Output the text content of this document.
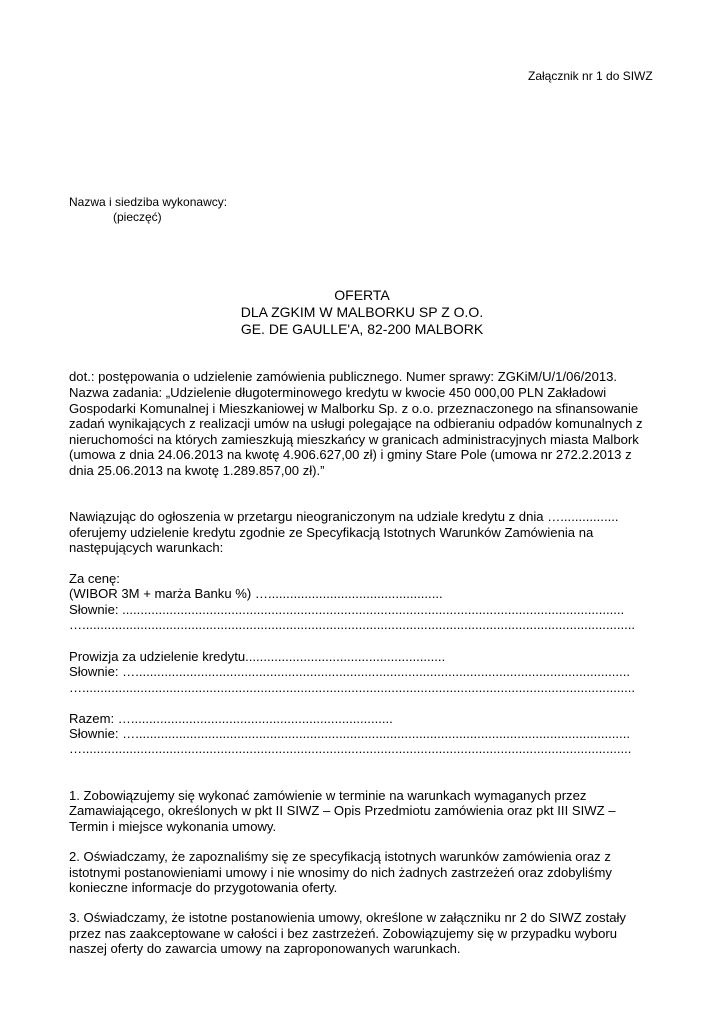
Załącznik nr 1 do SIWZ

Nazwa i siedziba wykonawcy:

(pieczęć)

OFERTA

DLA ZGKIM W MALBORKU SP Z O.O.

GE. DE GAULLE'A, 82-200 MALBORK

dot.: postępowania o udzielenie zamówienia publicznego. Numer sprawy: ZGKiM/U/1/06/2013.

Nazwa zadania: „Udzielenie długoterminowego kredytu w kwocie 450 000,00 PLN Zakładowi

Gospodarki Komunalnej i Mieszkaniowej w Malborku Sp. z o.o. przeznaczonego na sfinansowanie

zadań wynikających z realizacji umów na usługi polegające na odbieraniu odpadów komunalnych z

nieruchomości na których zamieszkują mieszkańcy w granicach administracyjnych miasta Malbork

(umowa z dnia 24.06.2013 na kwotę 4.906.627,00 zł) i gminy Stare Pole (umowa nr 272.2.2013 z

dnia 25.06.2013 na kwotę 1.289.857,00 zł).”

Nawiązując do ogłoszenia w przetargu nieograniczonym na udziale kredytu z dnia …................

oferujemy udzielenie kredytu zgodnie ze Specyfikacją Istotnych Warunków Zamówienia na

następujących warunkach:

Za cenę:

(WIBOR 3M + marża Banku %) …................................................

Słownie: ..........................................................................................................................................

…........................................................................................................................................................

Prowizja za udzielenie kredytu.......................................................

Słownie: …........................................................................................................................................

…........................................................................................................................................................

Razem: …........................................................................

Słownie: …........................................................................................................................................

….......................................................................................................................................................

1. Zobowiązujemy się wykonać zamówienie w terminie na warunkach wymaganych przez

Zamawiającego, określonych w pkt II SIWZ – Opis Przedmiotu zamówienia oraz pkt III SIWZ –

Termin i miejsce wykonania umowy.

2. Oświadczamy, że zapoznaliśmy się ze specyfikacją istotnych warunków zamówienia oraz z

istotnymi postanowieniami umowy i nie wnosimy do nich żadnych zastrzeżeń oraz zdobyliśmy

konieczne informacje do przygotowania oferty.

3. Oświadczamy, że istotne postanowienia umowy, określone w załączniku nr 2 do SIWZ zostały

przez nas zaakceptowane w całości i bez zastrzeżeń. Zobowiązujemy się w przypadku wyboru

naszej oferty do zawarcia umowy na zaproponowanych warunkach.
